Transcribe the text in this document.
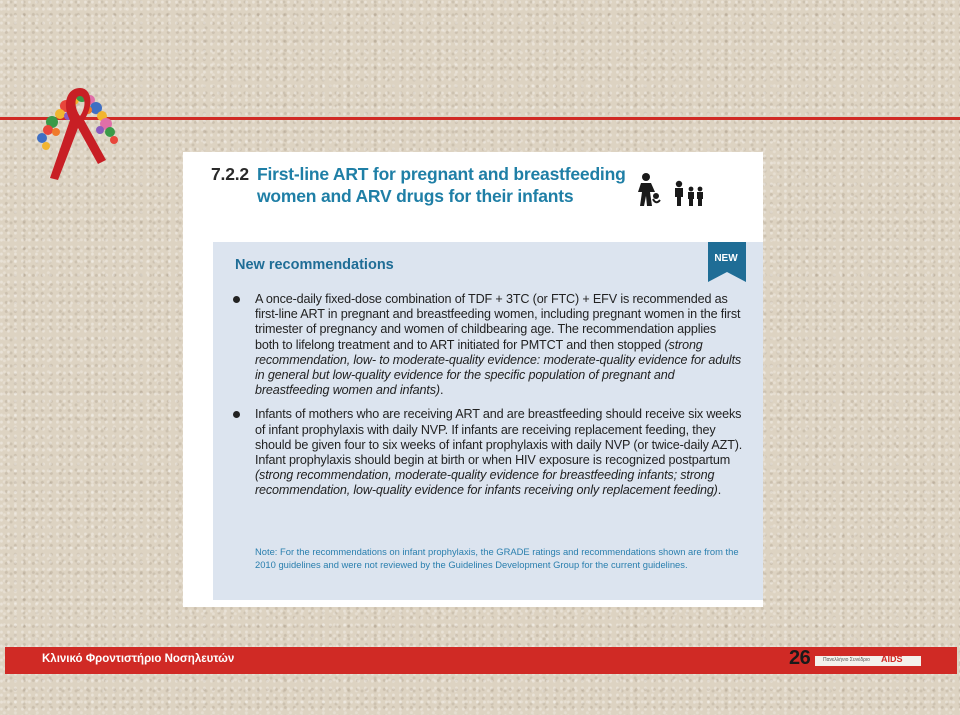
7.2.2 First-line ART for pregnant and breastfeeding women and ARV drugs for their infants
New recommendations	NEW
A once-daily fixed-dose combination of TDF + 3TC (or FTC) + EFV is recommended as first-line ART in pregnant and breastfeeding women, including pregnant women in the first trimester of pregnancy and women of childbearing age. The recommendation applies both to lifelong treatment and to ART initiated for PMTCT and then stopped (strong recommendation, low- to moderate-quality evidence: moderate-quality evidence for adults in general but low-quality evidence for the specific population of pregnant and breastfeeding women and infants).
Infants of mothers who are receiving ART and are breastfeeding should receive six weeks of infant prophylaxis with daily NVP. If infants are receiving replacement feeding, they should be given four to six weeks of infant prophylaxis with daily NVP (or twice-daily AZT). Infant prophylaxis should begin at birth or when HIV exposure is recognized postpartum (strong recommendation, moderate-quality evidence for breastfeeding infants; strong recommendation, low-quality evidence for infants receiving only replacement feeding).
Note: For the recommendations on infant prophylaxis, the GRADE ratings and recommendations shown are from the 2010 guidelines and were not reviewed by the Guidelines Development Group for the current guidelines.
Κλινικό Φροντιστήριο Νοσηλευτών	26	Πανελλήνιο Συνέδριο AIDS
